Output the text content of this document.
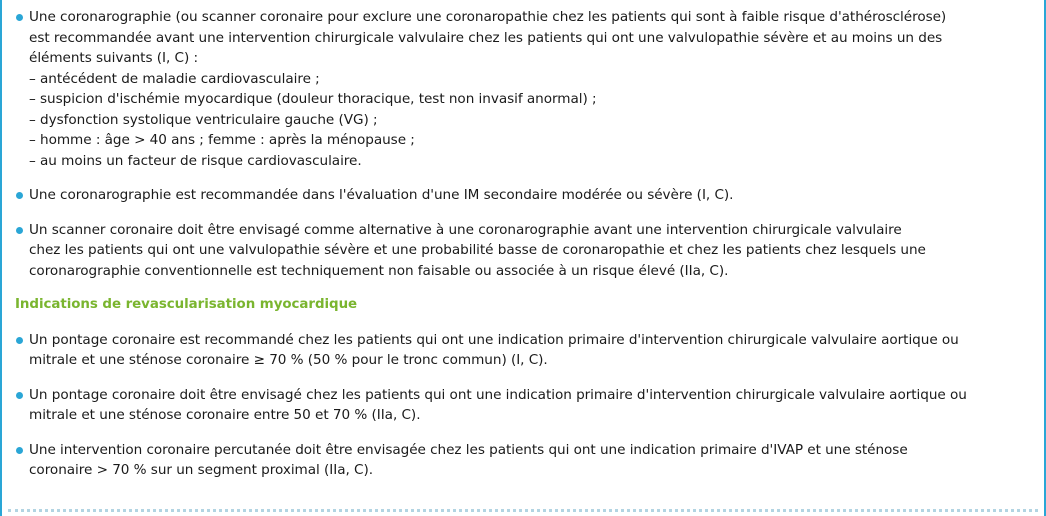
Une coronarographie (ou scanner coronaire pour exclure une coronaropathie chez les patients qui sont à faible risque d'athérosclérose)
est recommandée avant une intervention chirurgicale valvulaire chez les patients qui ont une valvulopathie sévère et au moins un des
éléments suivants (I, C) :
– antécédent de maladie cardiovasculaire ;
– suspicion d'ischémie myocardique (douleur thoracique, test non invasif anormal) ;
– dysfonction systolique ventriculaire gauche (VG) ;
– homme : âge > 40 ans ; femme : après la ménopause ;
– au moins un facteur de risque cardiovasculaire.
Une coronarographie est recommandée dans l'évaluation d'une IM secondaire modérée ou sévère (I, C).
Un scanner coronaire doit être envisagé comme alternative à une coronarographie avant une intervention chirurgicale valvulaire
chez les patients qui ont une valvulopathie sévère et une probabilité basse de coronaropathie et chez les patients chez lesquels une
coronarographie conventionnelle est techniquement non faisable ou associée à un risque élevé (IIa, C).

Indications de revascularisation myocardique

Un pontage coronaire est recommandé chez les patients qui ont une indication primaire d'intervention chirurgicale valvulaire aortique ou
mitrale et une sténose coronaire ≥ 70 % (50 % pour le tronc commun) (I, C).
Un pontage coronaire doit être envisagé chez les patients qui ont une indication primaire d'intervention chirurgicale valvulaire aortique ou
mitrale et une sténose coronaire entre 50 et 70 % (IIa, C).
Une intervention coronaire percutanée doit être envisagée chez les patients qui ont une indication primaire d'IVAP et une sténose
coronaire > 70 % sur un segment proximal (IIa, C).
